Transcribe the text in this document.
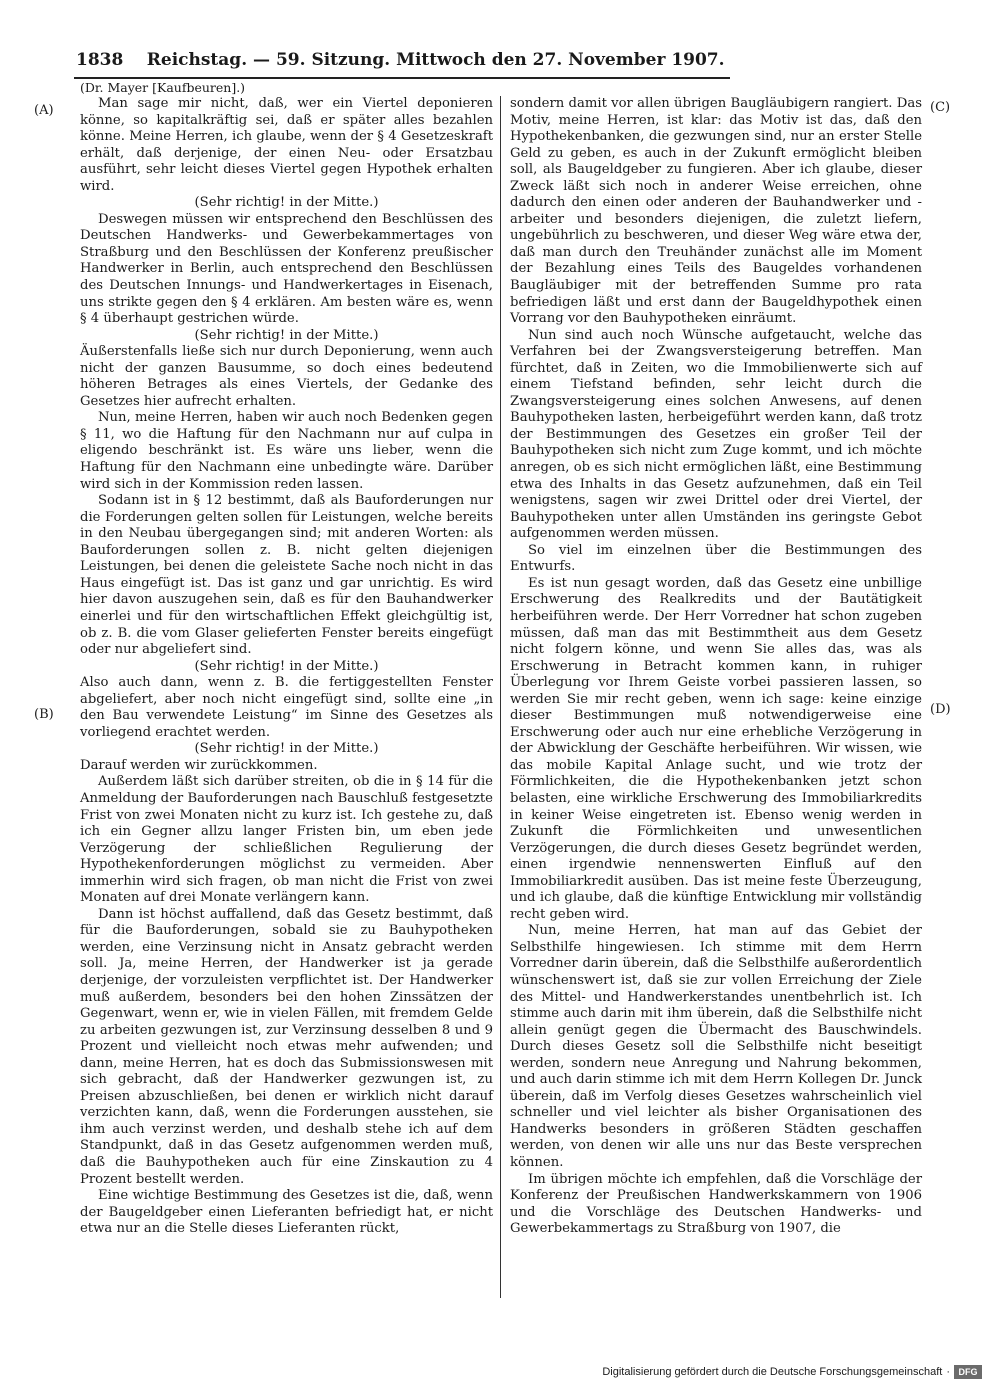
1838	Reichstag. — 59. Sitzung. Mittwoch den 27. November 1907.
(Dr. Mayer [Kaufbeuren].)
(A)
(B)
(C)
(D)

Man sage mir nicht, daß, wer ein Viertel deponieren könne, so kapitalkräftig sei, daß er später alles bezahlen könne. Meine Herren, ich glaube, wenn der § 4 Gesetzeskraft erhält, daß derjenige, der einen Neu- oder Ersatzbau ausführt, sehr leicht dieses Viertel gegen Hypothek erhalten wird.

(Sehr richtig! in der Mitte.)

Deswegen müssen wir entsprechend den Beschlüssen des Deutschen Handwerks- und Gewerbekammertages von Straßburg und den Beschlüssen der Konferenz preußischer Handwerker in Berlin, auch entsprechend den Beschlüssen des Deutschen Innungs- und Handwerkertages in Eisenach, uns strikte gegen den § 4 erklären. Am besten wäre es, wenn § 4 überhaupt gestrichen würde.

(Sehr richtig! in der Mitte.)

Äußerstenfalls ließe sich nur durch Deponierung, wenn auch nicht der ganzen Bausumme, so doch eines bedeutend höheren Betrages als eines Viertels, der Gedanke des Gesetzes hier aufrecht erhalten.

Nun, meine Herren, haben wir auch noch Bedenken gegen § 11, wo die Haftung für den Nachmann nur auf culpa in eligendo beschränkt ist. Es wäre uns lieber, wenn die Haftung für den Nachmann eine unbedingte wäre. Darüber wird sich in der Kommission reden lassen.

Sodann ist in § 12 bestimmt, daß als Bauforderungen nur die Forderungen gelten sollen für Leistungen, welche bereits in den Neubau übergegangen sind; mit anderen Worten: als Bauforderungen sollen z. B. nicht gelten diejenigen Leistungen, bei denen die geleistete Sache noch nicht in das Haus eingefügt ist. Das ist ganz und gar unrichtig. Es wird hier davon auszugehen sein, daß es für den Bauhandwerker einerlei und für den wirtschaftlichen Effekt gleichgültig ist, ob z. B. die vom Glaser gelieferten Fenster bereits eingefügt oder nur abgeliefert sind.

(Sehr richtig! in der Mitte.)

Also auch dann, wenn z. B. die fertiggestellten Fenster abgeliefert, aber noch nicht eingefügt sind, sollte eine „in den Bau verwendete Leistung“ im Sinne des Gesetzes als vorliegend erachtet werden.

(Sehr richtig! in der Mitte.)

Darauf werden wir zurückkommen.

Außerdem läßt sich darüber streiten, ob die in § 14 für die Anmeldung der Bauforderungen nach Bauschluß festgesetzte Frist von zwei Monaten nicht zu kurz ist. Ich gestehe zu, daß ich ein Gegner allzu langer Fristen bin, um eben jede Verzögerung der schließlichen Regulierung der Hypothekenforderungen möglichst zu vermeiden. Aber immerhin wird sich fragen, ob man nicht die Frist von zwei Monaten auf drei Monate verlängern kann.

Dann ist höchst auffallend, daß das Gesetz bestimmt, daß für die Bauforderungen, sobald sie zu Bauhypotheken werden, eine Verzinsung nicht in Ansatz gebracht werden soll. Ja, meine Herren, der Handwerker ist ja gerade derjenige, der vorzuleisten verpflichtet ist. Der Handwerker muß außerdem, besonders bei den hohen Zinssätzen der Gegenwart, wenn er, wie in vielen Fällen, mit fremdem Gelde zu arbeiten gezwungen ist, zur Verzinsung desselben 8 und 9 Prozent und vielleicht noch etwas mehr aufwenden; und dann, meine Herren, hat es doch das Submissionswesen mit sich gebracht, daß der Handwerker gezwungen ist, zu Preisen abzuschließen, bei denen er wirklich nicht darauf verzichten kann, daß, wenn die Forderungen ausstehen, sie ihm auch verzinst werden, und deshalb stehe ich auf dem Standpunkt, daß in das Gesetz aufgenommen werden muß, daß die Bauhypotheken auch für eine Zinskaution zu 4 Prozent bestellt werden.

Eine wichtige Bestimmung des Gesetzes ist die, daß, wenn der Baugeldgeber einen Lieferanten befriedigt hat, er nicht etwa nur an die Stelle dieses Lieferanten rückt,

sondern damit vor allen übrigen Baugläubigern rangiert. Das Motiv, meine Herren, ist klar: das Motiv ist das, daß den Hypothekenbanken, die gezwungen sind, nur an erster Stelle Geld zu geben, es auch in der Zukunft ermöglicht bleiben soll, als Baugeldgeber zu fungieren. Aber ich glaube, dieser Zweck läßt sich noch in anderer Weise erreichen, ohne dadurch den einen oder anderen der Bauhandwerker und -arbeiter und besonders diejenigen, die zuletzt liefern, ungebührlich zu beschweren, und dieser Weg wäre etwa der, daß man durch den Treuhänder zunächst alle im Moment der Bezahlung eines Teils des Baugeldes vorhandenen Baugläubiger mit der betreffenden Summe pro rata befriedigen läßt und erst dann der Baugeldhypothek einen Vorrang vor den Bauhypotheken einräumt.

Nun sind auch noch Wünsche aufgetaucht, welche das Verfahren bei der Zwangsversteigerung betreffen. Man fürchtet, daß in Zeiten, wo die Immobilienwerte sich auf einem Tiefstand befinden, sehr leicht durch die Zwangsversteigerung eines solchen Anwesens, auf denen Bauhypotheken lasten, herbeigeführt werden kann, daß trotz der Bestimmungen des Gesetzes ein großer Teil der Bauhypotheken sich nicht zum Zuge kommt, und ich möchte anregen, ob es sich nicht ermöglichen läßt, eine Bestimmung etwa des Inhalts in das Gesetz aufzunehmen, daß ein Teil wenigstens, sagen wir zwei Drittel oder drei Viertel, der Bauhypotheken unter allen Umständen ins geringste Gebot aufgenommen werden müssen.

So viel im einzelnen über die Bestimmungen des Entwurfs.

Es ist nun gesagt worden, daß das Gesetz eine unbillige Erschwerung des Realkredits und der Bautätigkeit herbeiführen werde. Der Herr Vorredner hat schon zugeben müssen, daß man das mit Bestimmtheit aus dem Gesetz nicht folgern könne, und wenn Sie alles das, was als Erschwerung in Betracht kommen kann, in ruhiger Überlegung vor Ihrem Geiste vorbei passieren lassen, so werden Sie mir recht geben, wenn ich sage: keine einzige dieser Bestimmungen muß notwendigerweise eine Erschwerung oder auch nur eine erhebliche Verzögerung in der Abwicklung der Geschäfte herbeiführen. Wir wissen, wie das mobile Kapital Anlage sucht, und wie trotz der Förmlichkeiten, die die Hypothekenbanken jetzt schon belasten, eine wirkliche Erschwerung des Immobiliarkredits in keiner Weise eingetreten ist. Ebenso wenig werden in Zukunft die Förmlichkeiten und unwesentlichen Verzögerungen, die durch dieses Gesetz begründet werden, einen irgendwie nennenswerten Einfluß auf den Immobiliarkredit ausüben. Das ist meine feste Überzeugung, und ich glaube, daß die künftige Entwicklung mir vollständig recht geben wird.

Nun, meine Herren, hat man auf das Gebiet der Selbsthilfe hingewiesen. Ich stimme mit dem Herrn Vorredner darin überein, daß die Selbsthilfe außerordentlich wünschenswert ist, daß sie zur vollen Erreichung der Ziele des Mittel- und Handwerkerstandes unentbehrlich ist. Ich stimme auch darin mit ihm überein, daß die Selbsthilfe nicht allein genügt gegen die Übermacht des Bauschwindels. Durch dieses Gesetz soll die Selbsthilfe nicht beseitigt werden, sondern neue Anregung und Nahrung bekommen, und auch darin stimme ich mit dem Herrn Kollegen Dr. Junck überein, daß im Verfolg dieses Gesetzes wahrscheinlich viel schneller und viel leichter als bisher Organisationen des Handwerks besonders in größeren Städten geschaffen werden, von denen wir alle uns nur das Beste versprechen können.

Im übrigen möchte ich empfehlen, daß die Vorschläge der Konferenz der Preußischen Handwerkskammern von 1906 und die Vorschläge des Deutschen Handwerks- und Gewerbekammertags zu Straßburg von 1907, die

Digitalisierung gefördert durch die Deutsche Forschungsgemeinschaft · DFG
